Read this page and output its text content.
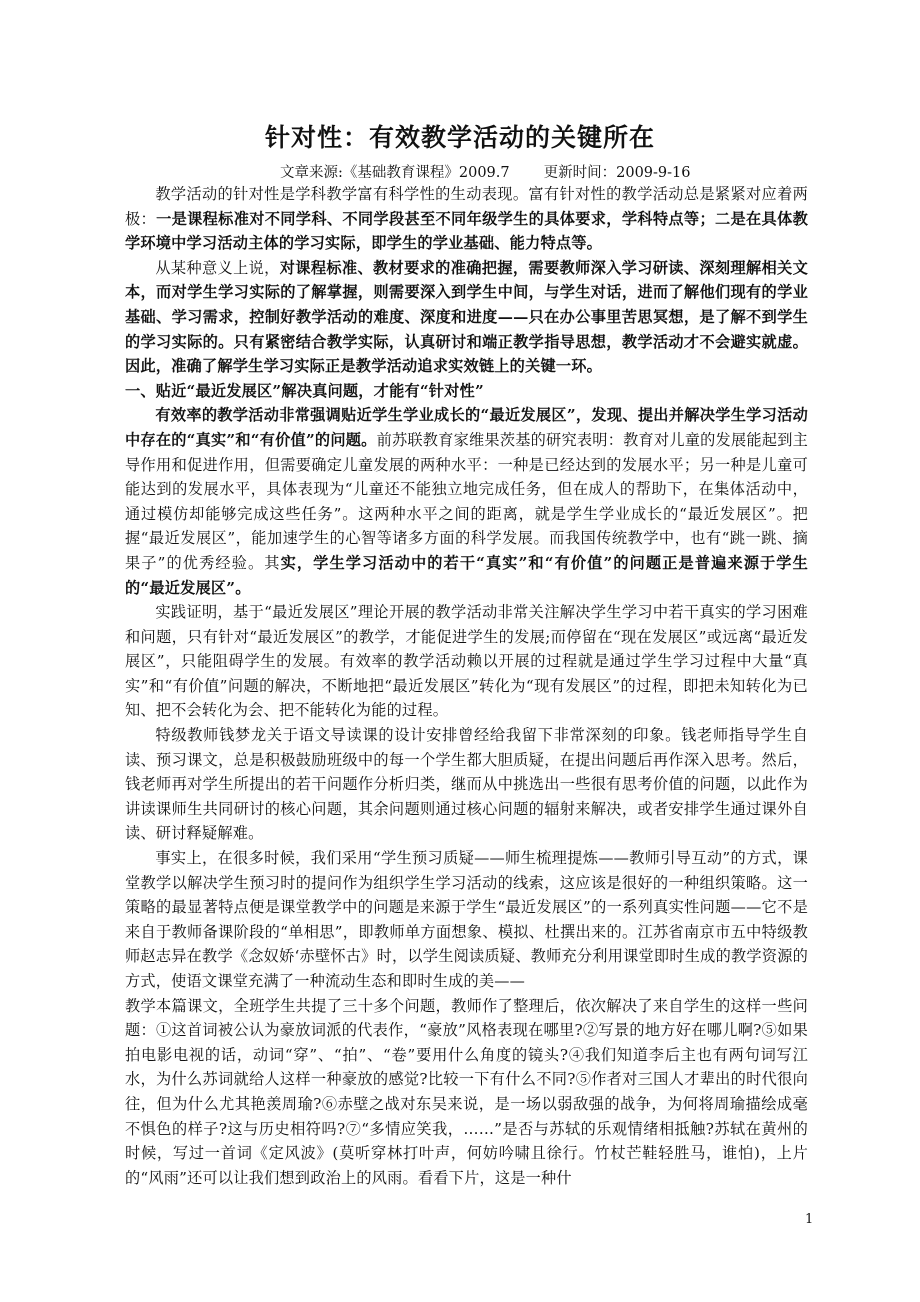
针对性：有效教学活动的关键所在
文章来源:《基础教育课程》2009.7 更新时间：2009-9-16

教学活动的针对性是学科教学富有科学性的生动表现。富有针对性的教学活动总是紧紧对应着两极：一是课程标准对不同学科、不同学段甚至不同年级学生的具体要求，学科特点等；二是在具体教学环境中学习活动主体的学习实际，即学生的学业基础、能力特点等。

从某种意义上说，对课程标准、教材要求的准确把握，需要教师深入学习研读、深刻理解相关文本，而对学生学习实际的了解掌握，则需要深入到学生中间，与学生对话，进而了解他们现有的学业基础、学习需求，控制好教学活动的难度、深度和进度——只在办公事里苦思冥想，是了解不到学生的学习实际的。只有紧密结合教学实际，认真研讨和端正教学指导思想，教学活动才不会避实就虚。因此，准确了解学生学习实际正是教学活动追求实效链上的关键一环。

一、贴近“最近发展区”解决真问题，才能有“针对性”

有效率的教学活动非常强调贴近学生学业成长的“最近发展区”，发现、提出并解决学生学习活动中存在的“真实”和“有价值”的问题。前苏联教育家维果茨基的研究表明：教育对儿童的发展能起到主导作用和促进作用，但需要确定儿童发展的两种水平：一种是已经达到的发展水平；另一种是儿童可能达到的发展水平，具体表现为“儿童还不能独立地完成任务，但在成人的帮助下，在集体活动中，通过模仿却能够完成这些任务”。这两种水平之间的距离，就是学生学业成长的“最近发展区”。把握“最近发展区”，能加速学生的心智等诸多方面的科学发展。而我国传统教学中，也有“跳一跳、摘果子”的优秀经验。其实，学生学习活动中的若干“真实”和“有价值”的问题正是普遍来源于学生的“最近发展区”。

实践证明，基于“最近发展区”理论开展的教学活动非常关注解决学生学习中若干真实的学习困难和问题，只有针对“最近发展区”的教学，才能促进学生的发展;而停留在“现在发展区”或远离“最近发展区”，只能阻碍学生的发展。有效率的教学活动赖以开展的过程就是通过学生学习过程中大量“真实”和“有价值”问题的解决，不断地把“最近发展区”转化为“现有发展区”的过程，即把未知转化为已知、把不会转化为会、把不能转化为能的过程。

特级教师钱梦龙关于语文导读课的设计安排曾经给我留下非常深刻的印象。钱老师指导学生自读、预习课文，总是积极鼓励班级中的每一个学生都大胆质疑，在提出问题后再作深入思考。然后，钱老师再对学生所提出的若干问题作分析归类，继而从中挑选出一些很有思考价值的问题，以此作为讲读课师生共同研讨的核心问题，其余问题则通过核心问题的辐射来解决，或者安排学生通过课外自读、研讨释疑解难。

事实上，在很多时候，我们采用“学生预习质疑——师生梳理提炼——教师引导互动”的方式，课堂教学以解决学生预习时的提问作为组织学生学习活动的线索，这应该是很好的一种组织策略。这一策略的最显著特点便是课堂教学中的问题是来源于学生“最近发展区”的一系列真实性问题——它不是来自于教师备课阶段的“单相思”，即教师单方面想象、模拟、杜撰出来的。江苏省南京市五中特级教师赵志异在教学《念奴娇‘赤壁怀古》时，以学生阅读质疑、教师充分利用课堂即时生成的教学资源的方式，使语文课堂充满了一种流动生态和即时生成的美——

教学本篇课文，全班学生共提了三十多个问题，教师作了整理后，依次解决了来自学生的这样一些问题：①这首词被公认为豪放词派的代表作，“豪放”风格表现在哪里?②写景的地方好在哪儿啊?⑤如果拍电影电视的话，动词“穿”、“拍”、“卷”要用什么角度的镜头?④我们知道李后主也有两句词写江水，为什么苏词就给人这样一种豪放的感觉?比较一下有什么不同?⑤作者对三国人才辈出的时代很向往，但为什么尤其艳羡周瑜?⑥赤壁之战对东吴来说，是一场以弱敌强的战争，为何将周瑜描绘成毫不惧色的样子?这与历史相符吗?⑦“多情应笑我，……”是否与苏轼的乐观情绪相抵触?苏轼在黄州的时候，写过一首词《定风波》(莫听穿林打叶声，何妨吟啸且徐行。竹杖芒鞋轻胜马，谁怕)，上片的“风雨”还可以让我们想到政治上的风雨。看看下片，这是一种什

1
